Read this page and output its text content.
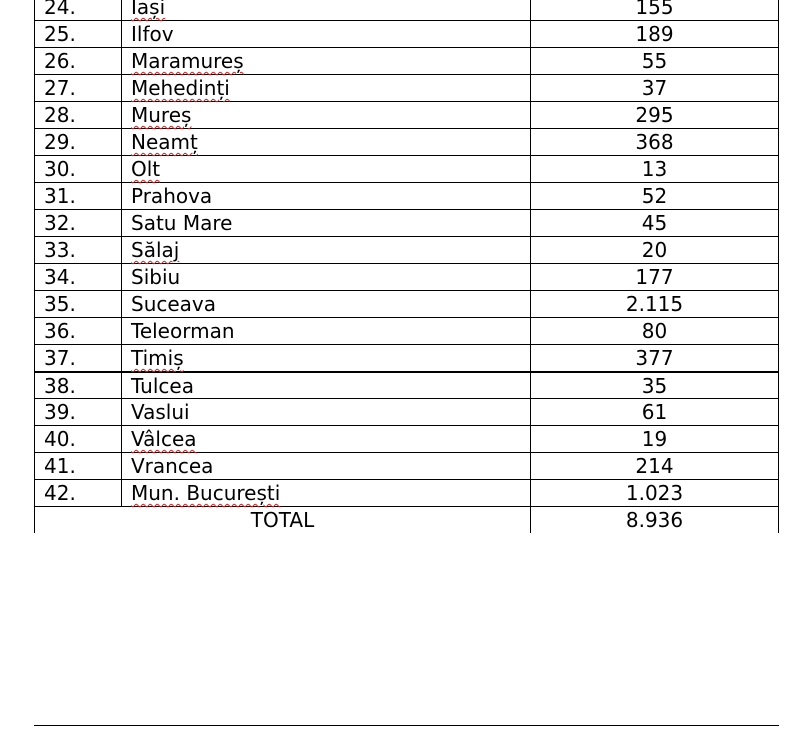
24.	Iași	155
25.	Ilfov	189
26.	Maramureș	55
27.	Mehedinți	37
28.	Mureș	295
29.	Neamț	368
30.	Olt	13
31.	Prahova	52
32.	Satu Mare	45
33.	Sălaj	20
34.	Sibiu	177
35.	Suceava	2.115
36.	Teleorman	80
37.	Timiș	377
38.	Tulcea	35
39.	Vaslui	61
40.	Vâlcea	19
41.	Vrancea	214
42.	Mun. București	1.023
TOTAL	8.936
